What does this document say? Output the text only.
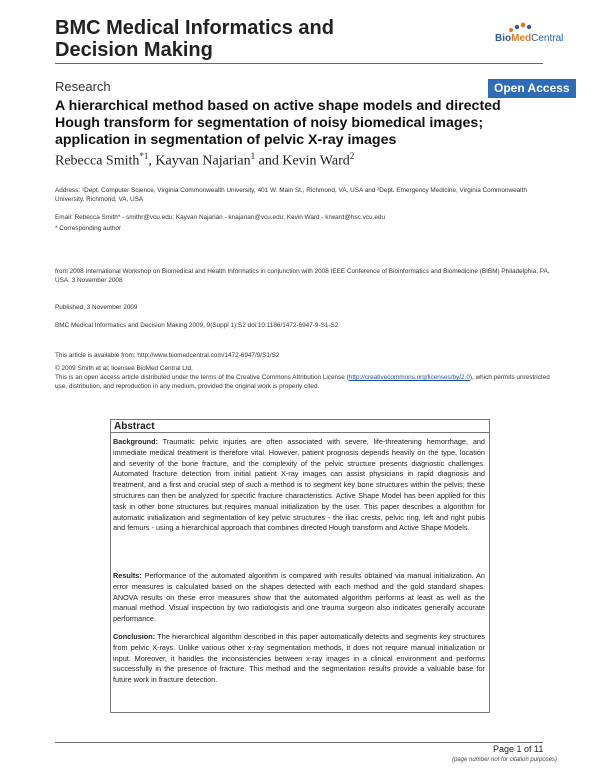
BMC Medical Informatics and Decision Making
BioMedCentral
Research	Open Access
A hierarchical method based on active shape models and directed Hough transform for segmentation of noisy biomedical images; application in segmentation of pelvic X-ray images
Rebecca Smith$^{*1}$, Kayvan Najarian$^1$ and Kevin Ward$^2$
Address: ¹Dept. Computer Science, Virginia Commonwealth University, 401 W. Main St., Richmond, VA, USA and ²Dept. Emergency Medicine, Virginia Commonwealth University, Richmond, VA, USA
Email: Rebecca Smith* - smithr@vcu.edu; Kayvan Najarian - knajarian@vcu.edu; Kevin Ward - krward@hsc.vcu.edu
* Corresponding author
from 2008 International Workshop on Biomedical and Health Informatics in conjunction with 2008 IEEE Conference of Bioinformatics and Biomedicine (BIBM) Philadelphia, PA, USA. 3 November 2008
Published: 3 November 2009
BMC Medical Informatics and Decision Making 2009, 9(Suppl 1):S2 doi:10.1186/1472-6947-9-S1-S2
This article is available from: http://www.biomedcentral.com/1472-6947/9/S1/S2
© 2009 Smith et al; licensee BioMed Central Ltd.
This is an open access article distributed under the terms of the Creative Commons Attribution License (http://creativecommons.org/licenses/by/2.0), which permits unrestricted use, distribution, and reproduction in any medium, provided the original work is properly cited.
Abstract
Background: Traumatic pelvic injuries are often associated with severe, life-threatening hemorrhage, and immediate medical treatment is therefore vital. However, patient prognosis depends heavily on the type, location and severity of the bone fracture, and the complexity of the pelvic structure presents diagnostic challenges. Automated fracture detection from initial patient X-ray images can assist physicians in rapid diagnosis and treatment, and a first and crucial step of such a method is to segment key bone structures within the pelvis; these structures can then be analyzed for specific fracture characteristics. Active Shape Model has been applied for this task in other bone structures but requires manual initialization by the user. This paper describes a algorithm for automatic initialization and segmentation of key pelvic structures - the iliac crests, pelvic ring, left and right pubis and femurs - using a hierarchical approach that combines directed Hough transform and Active Shape Models.
Results: Performance of the automated algorithm is compared with results obtained via manual initialization. An error measures is calculated based on the shapes detected with each method and the gold standard shapes. ANOVA results on these error measures show that the automated algorithm performs at least as well as the manual method. Visual inspection by two radiologists and one trauma surgeon also indicates generally accurate performance.
Conclusion: The hierarchical algorithm described in this paper automatically detects and segments key structures from pelvic X-rays. Unlike various other x-ray segmentation methods, it does not require manual initialization or input. Moreover, it handles the inconsistencies between x-ray images in a clinical environment and performs successfully in the presence of fracture. This method and the segmentation results provide a valuable base for future work in fracture detection.
Page 1 of 11
(page number not for citation purposes)
